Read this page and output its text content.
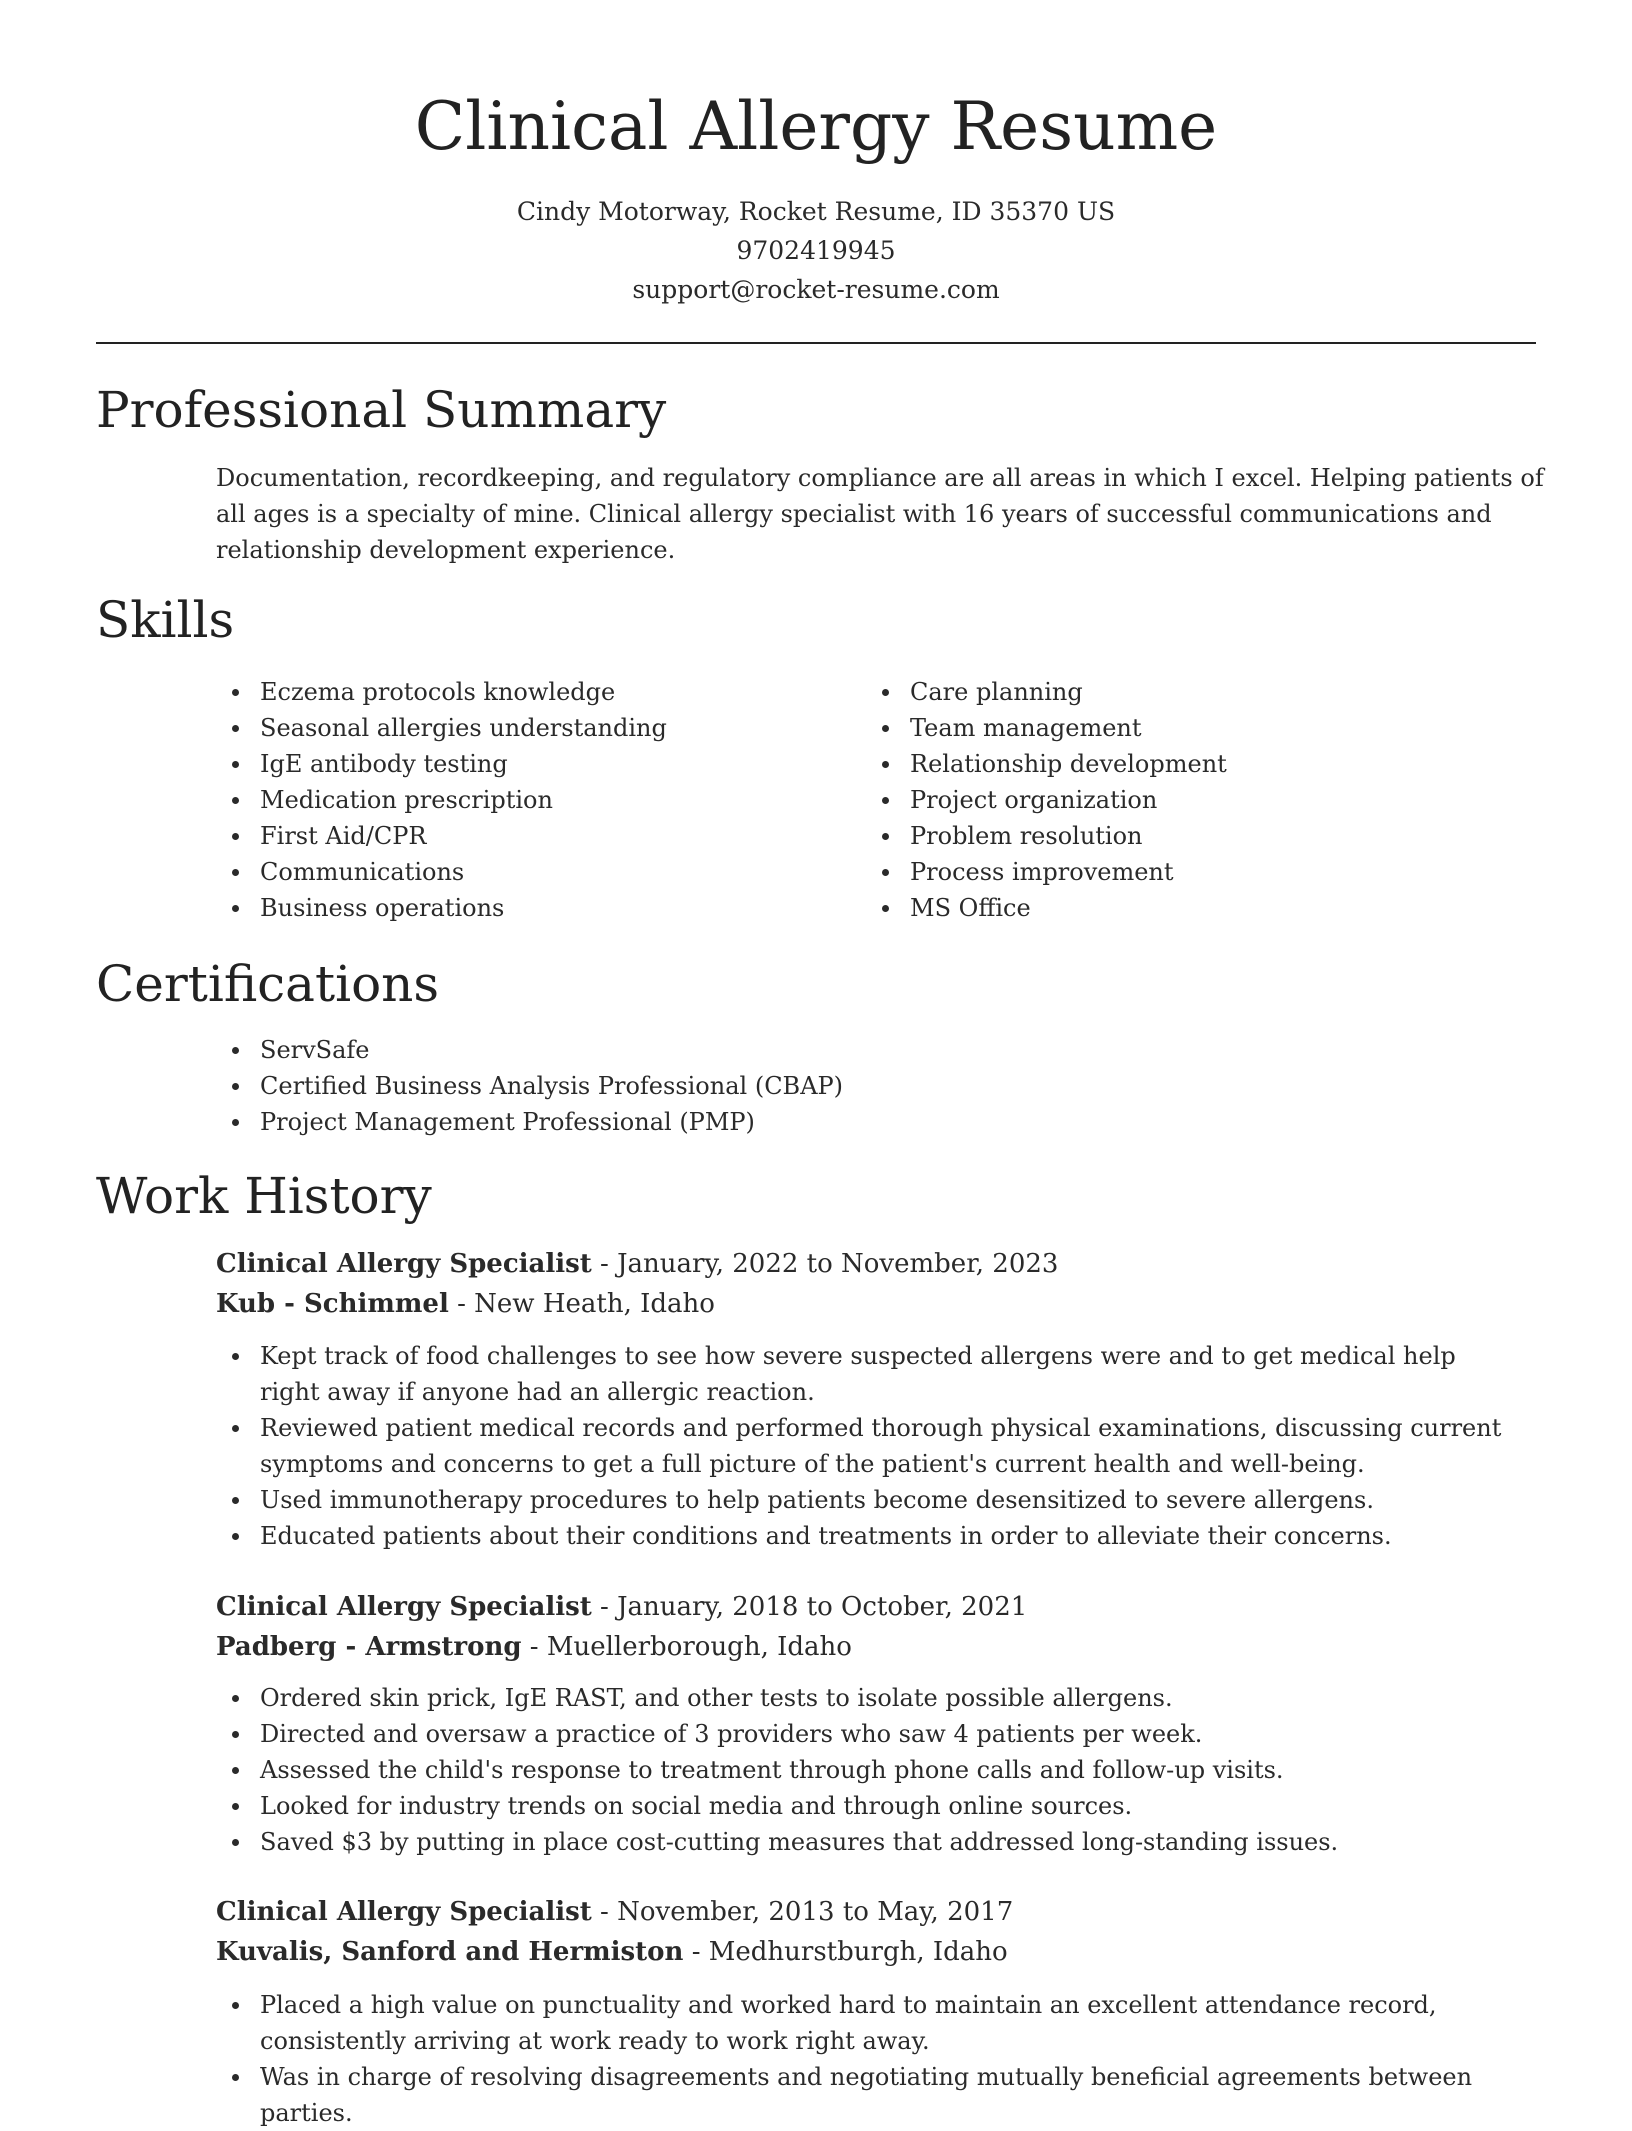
Clinical Allergy Resume
Cindy Motorway, Rocket Resume, ID 35370 US
9702419945
support@rocket-resume.com
Professional Summary

Documentation, recordkeeping, and regulatory compliance are all areas in which I excel. Helping patients of all ages is a specialty of mine. Clinical allergy specialist with 16 years of successful communications and relationship development experience.

Skills
Eczema protocols knowledge
Seasonal allergies understanding
IgE antibody testing
Medication prescription
First Aid/CPR
Communications
Business operations
Care planning
Team management
Relationship development
Project organization
Problem resolution
Process improvement
MS Office
Certifications
ServSafe
Certified Business Analysis Professional (CBAP)
Project Management Professional (PMP)
Work History
Clinical Allergy Specialist - January, 2022 to November, 2023
Kub - Schimmel - New Heath, Idaho
Kept track of food challenges to see how severe suspected allergens were and to get medical help right away if anyone had an allergic reaction.
Reviewed patient medical records and performed thorough physical examinations, discussing current symptoms and concerns to get a full picture of the patient's current health and well-being.
Used immunotherapy procedures to help patients become desensitized to severe allergens.
Educated patients about their conditions and treatments in order to alleviate their concerns.
Clinical Allergy Specialist - January, 2018 to October, 2021
Padberg - Armstrong - Muellerborough, Idaho
Ordered skin prick, IgE RAST, and other tests to isolate possible allergens.
Directed and oversaw a practice of 3 providers who saw 4 patients per week.
Assessed the child's response to treatment through phone calls and follow-up visits.
Looked for industry trends on social media and through online sources.
Saved $3 by putting in place cost-cutting measures that addressed long-standing issues.
Clinical Allergy Specialist - November, 2013 to May, 2017
Kuvalis, Sanford and Hermiston - Medhurstburgh, Idaho
Placed a high value on punctuality and worked hard to maintain an excellent attendance record, consistently arriving at work ready to work right away.
Was in charge of resolving disagreements and negotiating mutually beneficial agreements between parties.
